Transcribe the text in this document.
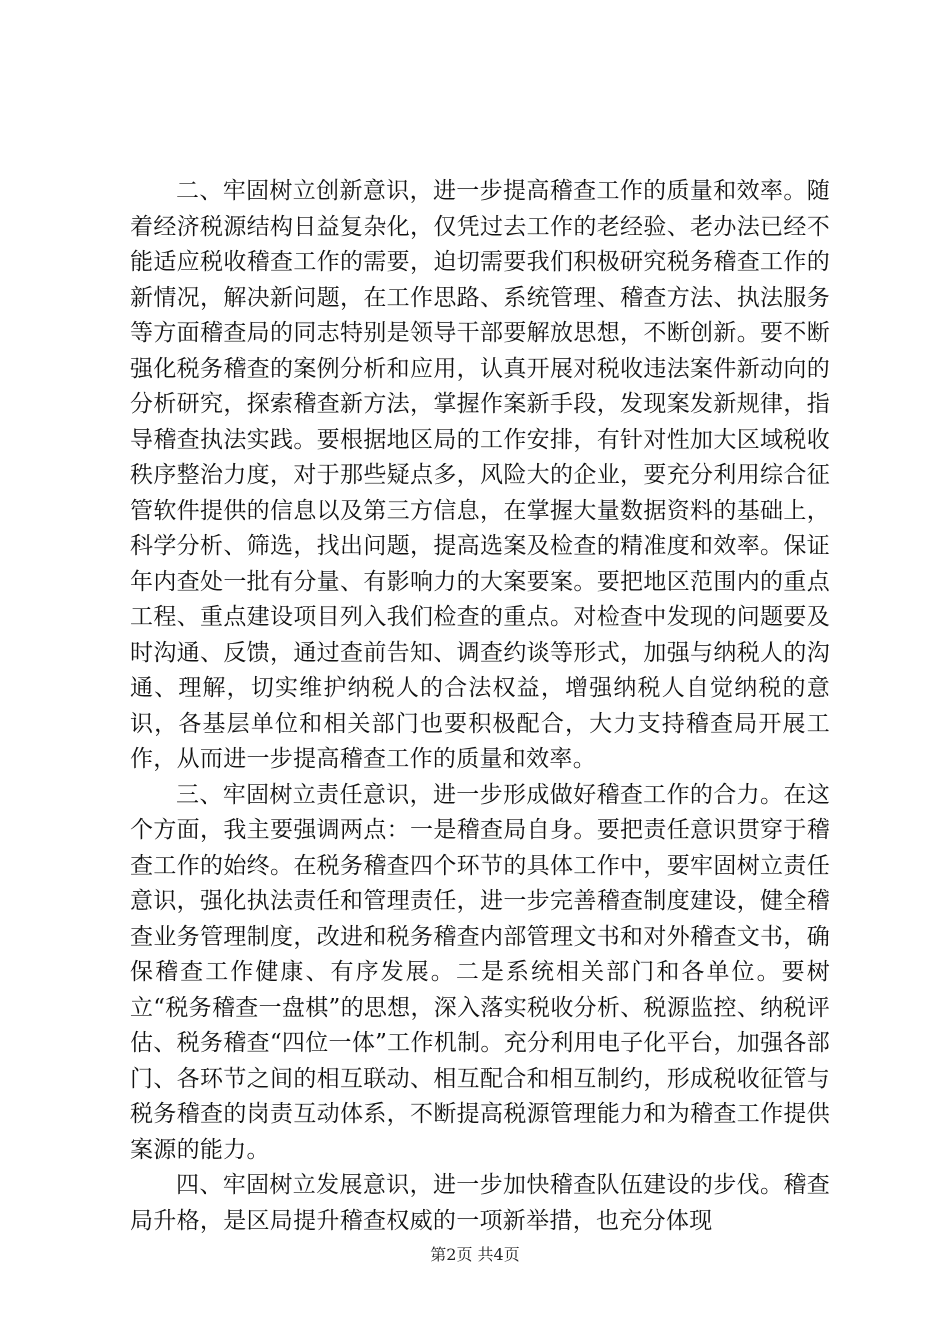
二、牢固树立创新意识，进一步提高稽查工作的质量和效率。随着经济税源结构日益复杂化，仅凭过去工作的老经验、老办法已经不能适应税收稽查工作的需要，迫切需要我们积极研究税务稽查工作的新情况，解决新问题，在工作思路、系统管理、稽查方法、执法服务等方面稽查局的同志特别是领导干部要解放思想，不断创新。要不断强化税务稽查的案例分析和应用，认真开展对税收违法案件新动向的分析研究，探索稽查新方法，掌握作案新手段，发现案发新规律，指导稽查执法实践。要根据地区局的工作安排，有针对性加大区域税收秩序整治力度，对于那些疑点多，风险大的企业，要充分利用综合征管软件提供的信息以及第三方信息，在掌握大量数据资料的基础上，科学分析、筛选，找出问题，提高选案及检查的精准度和效率。保证年内查处一批有分量、有影响力的大案要案。要把地区范围内的重点工程、重点建设项目列入我们检查的重点。对检查中发现的问题要及时沟通、反馈，通过查前告知、调查约谈等形式，加强与纳税人的沟通、理解，切实维护纳税人的合法权益，增强纳税人自觉纳税的意识，各基层单位和相关部门也要积极配合，大力支持稽查局开展工作，从而进一步提高稽查工作的质量和效率。

三、牢固树立责任意识，进一步形成做好稽查工作的合力。在这个方面，我主要强调两点：一是稽查局自身。要把责任意识贯穿于稽查工作的始终。在税务稽查四个环节的具体工作中，要牢固树立责任意识，强化执法责任和管理责任，进一步完善稽查制度建设，健全稽查业务管理制度，改进和税务稽查内部管理文书和对外稽查文书，确保稽查工作健康、有序发展。二是系统相关部门和各单位。要树立“税务稽查一盘棋”的思想，深入落实税收分析、税源监控、纳税评估、税务稽查“四位一体”工作机制。充分利用电子化平台，加强各部门、各环节之间的相互联动、相互配合和相互制约，形成税收征管与税务稽查的岗责互动体系，不断提高税源管理能力和为稽查工作提供案源的能力。

四、牢固树立发展意识，进一步加快稽查队伍建设的步伐。稽查局升格，是区局提升稽查权威的一项新举措，也充分体现

第2页 共4页
